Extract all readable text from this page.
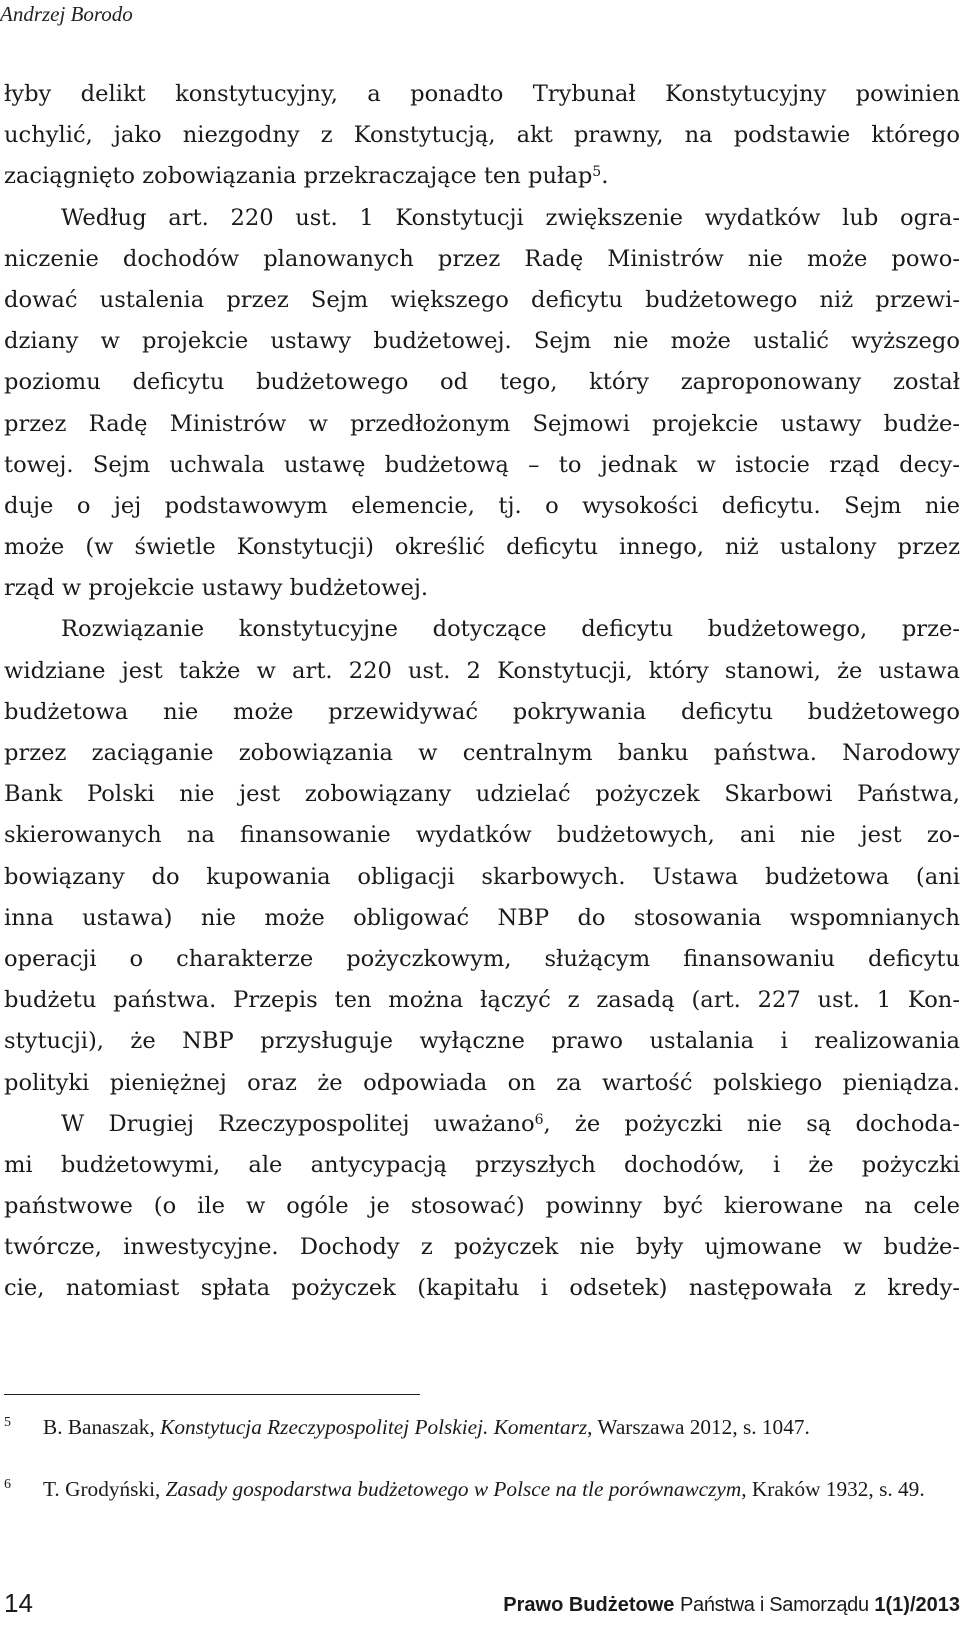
Andrzej Borodo
łyby delikt konstytucyjny, a ponadto Trybunał Konstytucyjny powinien
uchylić, jako niezgodny z Konstytucją, akt prawny, na podstawie którego
zaciągnięto zobowiązania przekraczające ten pułap$^5$.
Według art. 220 ust. 1 Konstytucji zwiększenie wydatków lub ogra-
niczenie dochodów planowanych przez Radę Ministrów nie może powo-
dować ustalenia przez Sejm większego deficytu budżetowego niż przewi-
dziany w projekcie ustawy budżetowej. Sejm nie może ustalić wyższego
poziomu deficytu budżetowego od tego, który zaproponowany został
przez Radę Ministrów w przedłożonym Sejmowi projekcie ustawy budże-
towej. Sejm uchwala ustawę budżetową – to jednak w istocie rząd decy-
duje o jej podstawowym elemencie, tj. o wysokości deficytu. Sejm nie
może (w świetle Konstytucji) określić deficytu innego, niż ustalony przez
rząd w projekcie ustawy budżetowej.
Rozwiązanie konstytucyjne dotyczące deficytu budżetowego, prze-
widziane jest także w art. 220 ust. 2 Konstytucji, który stanowi, że ustawa
budżetowa nie może przewidywać pokrywania deficytu budżetowego
przez zaciąganie zobowiązania w centralnym banku państwa. Narodowy
Bank Polski nie jest zobowiązany udzielać pożyczek Skarbowi Państwa,
skierowanych na finansowanie wydatków budżetowych, ani nie jest zo-
bowiązany do kupowania obligacji skarbowych. Ustawa budżetowa (ani
inna ustawa) nie może obligować NBP do stosowania wspomnianych
operacji o charakterze pożyczkowym, służącym finansowaniu deficytu
budżetu państwa. Przepis ten można łączyć z zasadą (art. 227 ust. 1 Kon-
stytucji), że NBP przysługuje wyłączne prawo ustalania i realizowania
polityki pieniężnej oraz że odpowiada on za wartość polskiego pieniądza.
W Drugiej Rzeczypospolitej uważano$^6$, że pożyczki nie są dochoda-
mi budżetowymi, ale antycypacją przyszłych dochodów, i że pożyczki
państwowe (o ile w ogóle je stosować) powinny być kierowane na cele
twórcze, inwestycyjne. Dochody z pożyczek nie były ujmowane w budże-
cie, natomiast spłata pożyczek (kapitału i odsetek) następowała z kredy-
5 B. Banaszak, Konstytucja Rzeczypospolitej Polskiej. Komentarz, Warszawa 2012, s. 1047.
6 T. Grodyński, Zasady gospodarstwa budżetowego w Polsce na tle porównawczym, Kraków 1932, s. 49.
14	Prawo Budżetowe Państwa i Samorządu 1(1)/2013
